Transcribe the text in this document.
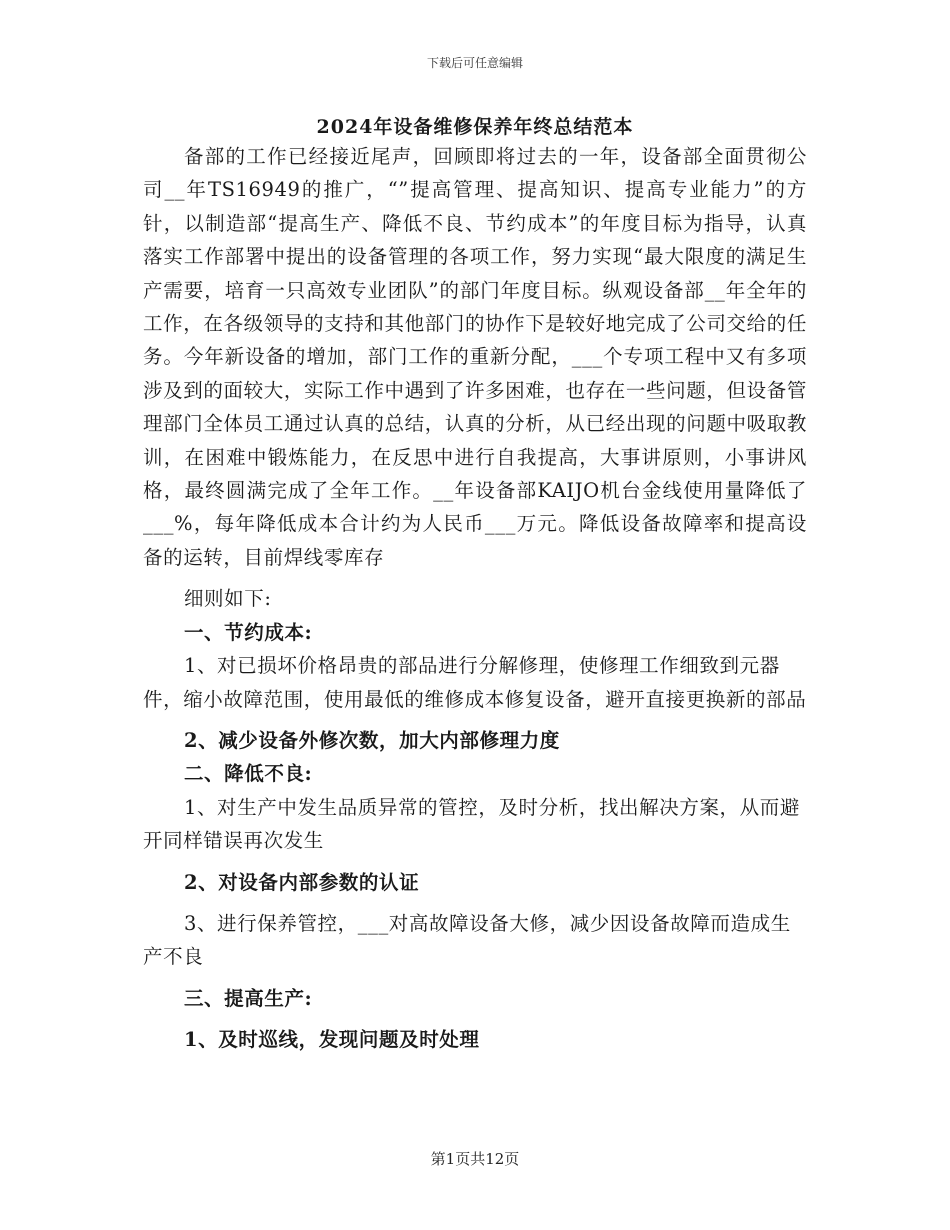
下载后可任意编辑
2024年设备维修保养年终总结范本

备部的工作已经接近尾声，回顾即将过去的一年，设备部全面贯彻公司__年TS16949的推广，“”提高管理、提高知识、提高专业能力”的方针，以制造部“提高生产、降低不良、节约成本”的年度目标为指导，认真落实工作部署中提出的设备管理的各项工作，努力实现“最大限度的满足生产需要，培育一只高效专业团队”的部门年度目标。纵观设备部__年全年的工作，在各级领导的支持和其他部门的协作下是较好地完成了公司交给的任务。今年新设备的增加，部门工作的重新分配，___个专项工程中又有多项涉及到的面较大，实际工作中遇到了许多困难，也存在一些问题，但设备管理部门全体员工通过认真的总结，认真的分析，从已经出现的问题中吸取教训，在困难中锻炼能力，在反思中进行自我提高，大事讲原则，小事讲风格，最终圆满完成了全年工作。__年设备部KAIJO机台金线使用量降低了___%，每年降低成本合计约为人民币___万元。降低设备故障率和提高设备的运转，目前焊线零库存

细则如下:

一、节约成本:

1、对已损坏价格昂贵的部品进行分解修理，使修理工作细致到元器件，缩小故障范围，使用最低的维修成本修复设备，避开直接更换新的部品

2、减少设备外修次数，加大内部修理力度

二、降低不良:

1、对生产中发生品质异常的管控，及时分析，找出解决方案，从而避开同样错误再次发生

2、对设备内部参数的认证

3、进行保养管控，___对高故障设备大修，减少因设备故障而造成生产不良

三、提高生产:

1、及时巡线，发现问题及时处理

第1页共12页
